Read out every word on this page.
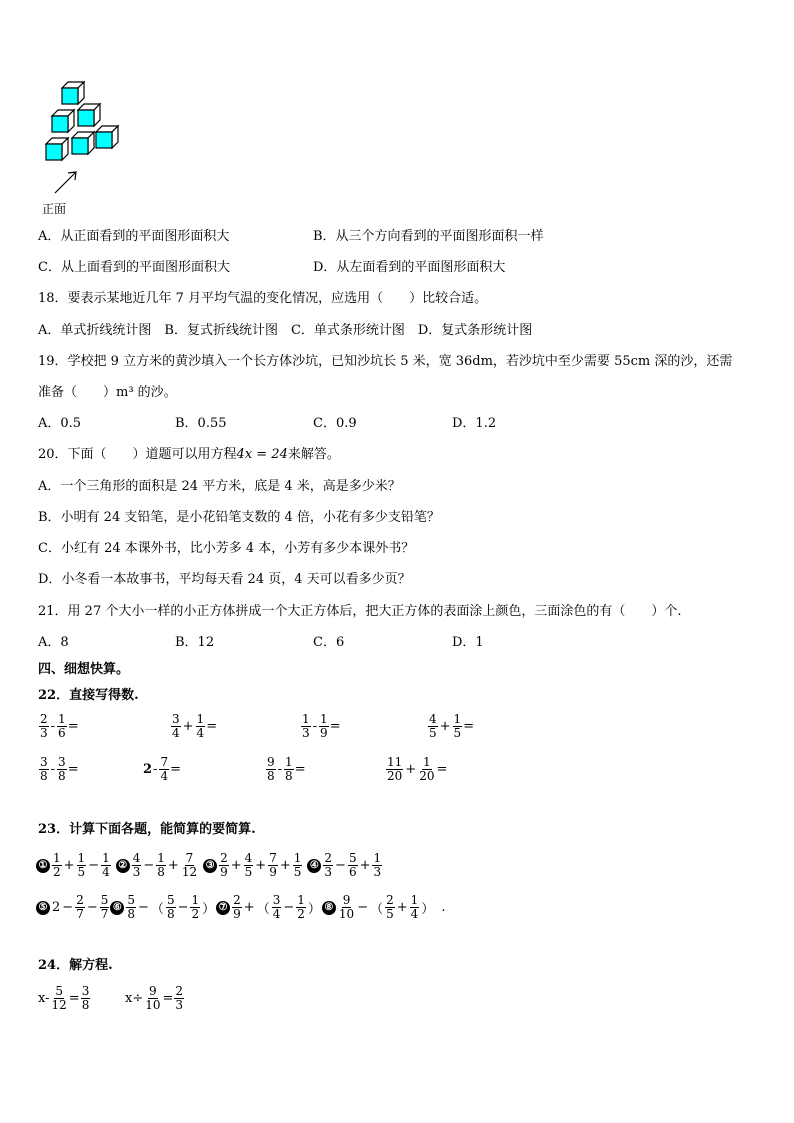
正面
A．从正面看到的平面图形面积大	B．从三个方向看到的平面图形面积一样
C．从上面看到的平面图形面积大	D．从左面看到的平面图形面积大
18．要表示某地近几年 7 月平均气温的变化情况，应选用（　　）比较合适。
A．单式折线统计图　B．复式折线统计图　C．单式条形统计图　D．复式条形统计图
19．学校把 9 立方米的黄沙填入一个长方体沙坑，已知沙坑长 5 米，宽 36dm，若沙坑中至少需要 55cm 深的沙，还需
准备（　　）m³ 的沙。
A．0.5	B．0.55	C．0.9	D．1.2
20．下面（　　）道题可以用方程4x = 24来解答。
A．一个三角形的面积是 24 平方米，底是 4 米，高是多少米？
B．小明有 24 支铅笔，是小花铅笔支数的 4 倍，小花有多少支铅笔？
C．小红有 24 本课外书，比小芳多 4 本，小芳有多少本课外书？
D．小冬看一本故事书，平均每天看 24 页，4 天可以看多少页？
21．用 27 个大小一样的小正方体拼成一个大正方体后，把大正方体的表面涂上颜色，三面涂色的有（　　）个.
A．8	B．12	C．6	D．1
四、细想快算。
22．直接写得数.
$\frac{2}{3} - \frac{1}{6}$ =	$\frac{3}{4} + \frac{1}{4}$ =	$\frac{1}{3} - \frac{1}{9}$ =	$\frac{4}{5} + \frac{1}{5}$ =
$\frac{3}{8} - \frac{3}{8}$ =	$2 - \frac{7}{4}$ =	$\frac{9}{8} - \frac{1}{8}$ =	$\frac{11}{20} + \frac{1}{20}$ =
23．计算下面各题，能简算的要简算.
① $\frac{1}{2} + \frac{1}{5} - \frac{1}{4}$ ② $\frac{4}{3} - \frac{1}{8} + \frac{7}{12}$ ③ $\frac{2}{9} + \frac{4}{5} + \frac{7}{9} + \frac{1}{5}$ ④ $\frac{2}{3} - \frac{5}{6} + \frac{1}{3}$
⑤ $2 - \frac{2}{7} - \frac{5}{7}$ ⑥ $\frac{5}{8}$ − （ $\frac{5}{8} - \frac{1}{2}$ ） ⑦ $\frac{2}{9}$ + （ $\frac{3}{4} - \frac{1}{2}$ ） ⑧ $\frac{9}{10}$ − （ $\frac{2}{5} + \frac{1}{4}$ ） .
24．解方程.
$x- \frac{5}{12} = \frac{3}{8}$	$x\div \frac{9}{10} = \frac{2}{3}$
